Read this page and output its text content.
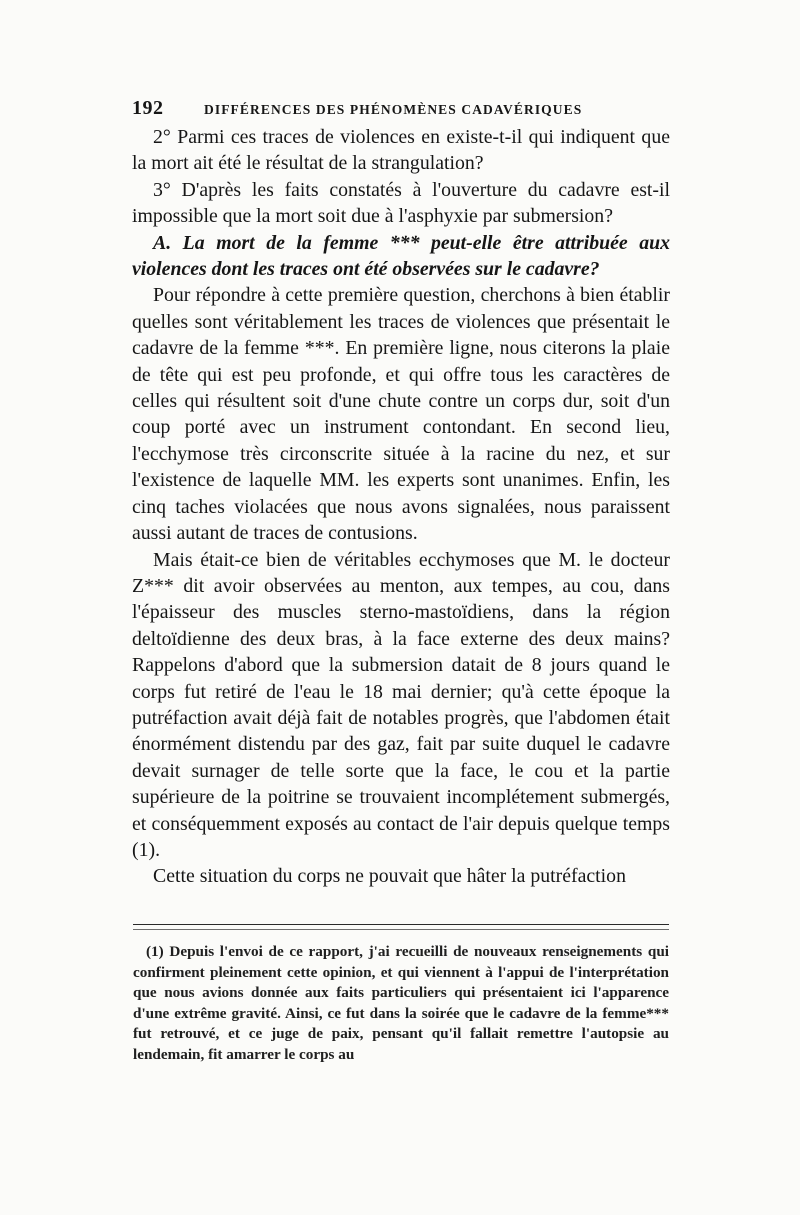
192	DIFFÉRENCES DES PHÉNOMÈNES CADAVÉRIQUES

2° Parmi ces traces de violences en existe-t-il qui indiquent que la mort ait été le résultat de la strangulation?

3° D'après les faits constatés à l'ouverture du cadavre est-il impossible que la mort soit due à l'asphyxie par submersion?

A. La mort de la femme *** peut-elle être attribuée aux violences dont les traces ont été observées sur le cadavre?

Pour répondre à cette première question, cherchons à bien établir quelles sont véritablement les traces de violences que présentait le cadavre de la femme ***. En première ligne, nous citerons la plaie de tête qui est peu profonde, et qui offre tous les caractères de celles qui résultent soit d'une chute contre un corps dur, soit d'un coup porté avec un instrument contondant. En second lieu, l'ecchymose très circonscrite située à la racine du nez, et sur l'existence de laquelle MM. les experts sont unanimes. Enfin, les cinq taches violacées que nous avons signalées, nous paraissent aussi autant de traces de contusions.

Mais était-ce bien de véritables ecchymoses que M. le docteur Z*** dit avoir observées au menton, aux tempes, au cou, dans l'épaisseur des muscles sterno-mastoïdiens, dans la région deltoïdienne des deux bras, à la face externe des deux mains? Rappelons d'abord que la submersion datait de 8 jours quand le corps fut retiré de l'eau le 18 mai dernier; qu'à cette époque la putréfaction avait déjà fait de notables progrès, que l'abdomen était énormément distendu par des gaz, fait par suite duquel le cadavre devait surnager de telle sorte que la face, le cou et la partie supérieure de la poitrine se trouvaient incomplétement submergés, et conséquemment exposés au contact de l'air depuis quelque temps (1).

Cette situation du corps ne pouvait que hâter la putréfaction

(1) Depuis l'envoi de ce rapport, j'ai recueilli de nouveaux renseignements qui confirment pleinement cette opinion, et qui viennent à l'appui de l'interprétation que nous avions donnée aux faits particuliers qui présentaient ici l'apparence d'une extrême gravité. Ainsi, ce fut dans la soirée que le cadavre de la femme*** fut retrouvé, et ce juge de paix, pensant qu'il fallait remettre l'autopsie au lendemain, fit amarrer le corps au
